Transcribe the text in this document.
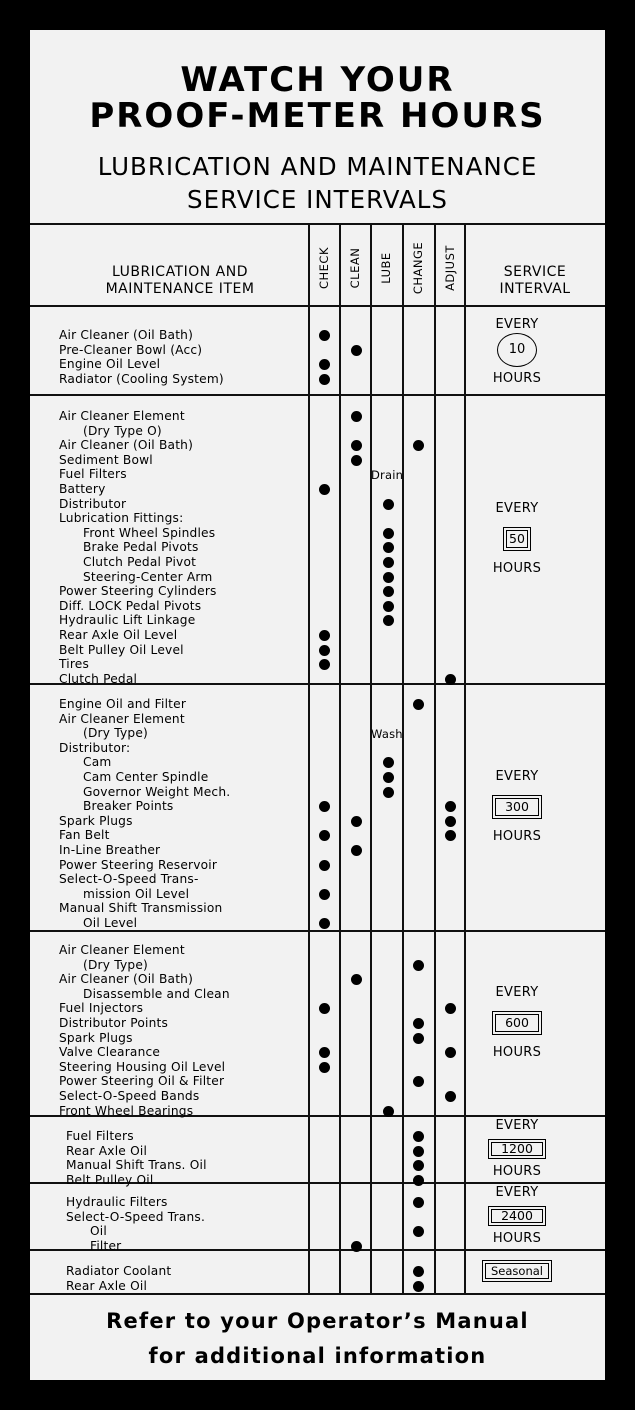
WATCH YOUR
PROOF-METER HOURS
LUBRICATION AND MAINTENANCE
SERVICE INTERVALS
LUBRICATION AND
MAINTENANCE ITEM
SERVICE
INTERVAL
CHECK CLEAN LUBE CHANGE ADJUST
Air Cleaner (Oil Bath)
Pre-Cleaner Bowl (Acc)
Engine Oil Level
Radiator (Cooling System)
EVERY
10
HOURS
Air Cleaner Element
(Dry Type O)
Air Cleaner (Oil Bath)
Sediment Bowl
Fuel Filters	Drain
Battery
Distributor
Lubrication Fittings:
Front Wheel Spindles
Brake Pedal Pivots
Clutch Pedal Pivot
Steering-Center Arm
Power Steering Cylinders
Diff. LOCK Pedal Pivots
Hydraulic Lift Linkage
Rear Axle Oil Level
Belt Pulley Oil Level
Tires
Clutch Pedal
EVERY
50
HOURS
Engine Oil and Filter
Air Cleaner Element
(Dry Type)	Wash
Distributor:
Cam
Cam Center Spindle
Governor Weight Mech.
Breaker Points
Spark Plugs
Fan Belt
In-Line Breather
Power Steering Reservoir
Select-O-Speed Trans-
mission Oil Level
Manual Shift Transmission
Oil Level
EVERY
300
HOURS
Air Cleaner Element
(Dry Type)
Air Cleaner (Oil Bath)
Disassemble and Clean
Fuel Injectors
Distributor Points
Spark Plugs
Valve Clearance
Steering Housing Oil Level
Power Steering Oil & Filter
Select-O-Speed Bands
Front Wheel Bearings
EVERY
600
HOURS
Fuel Filters
Rear Axle Oil
Manual Shift Trans. Oil
Belt Pulley Oil
EVERY
1200
HOURS
Hydraulic Filters
Select-O-Speed Trans.
Oil
Filter
EVERY
2400
HOURS
Radiator Coolant
Rear Axle Oil
Seasonal
Refer to your Operator’s Manual
for additional information
